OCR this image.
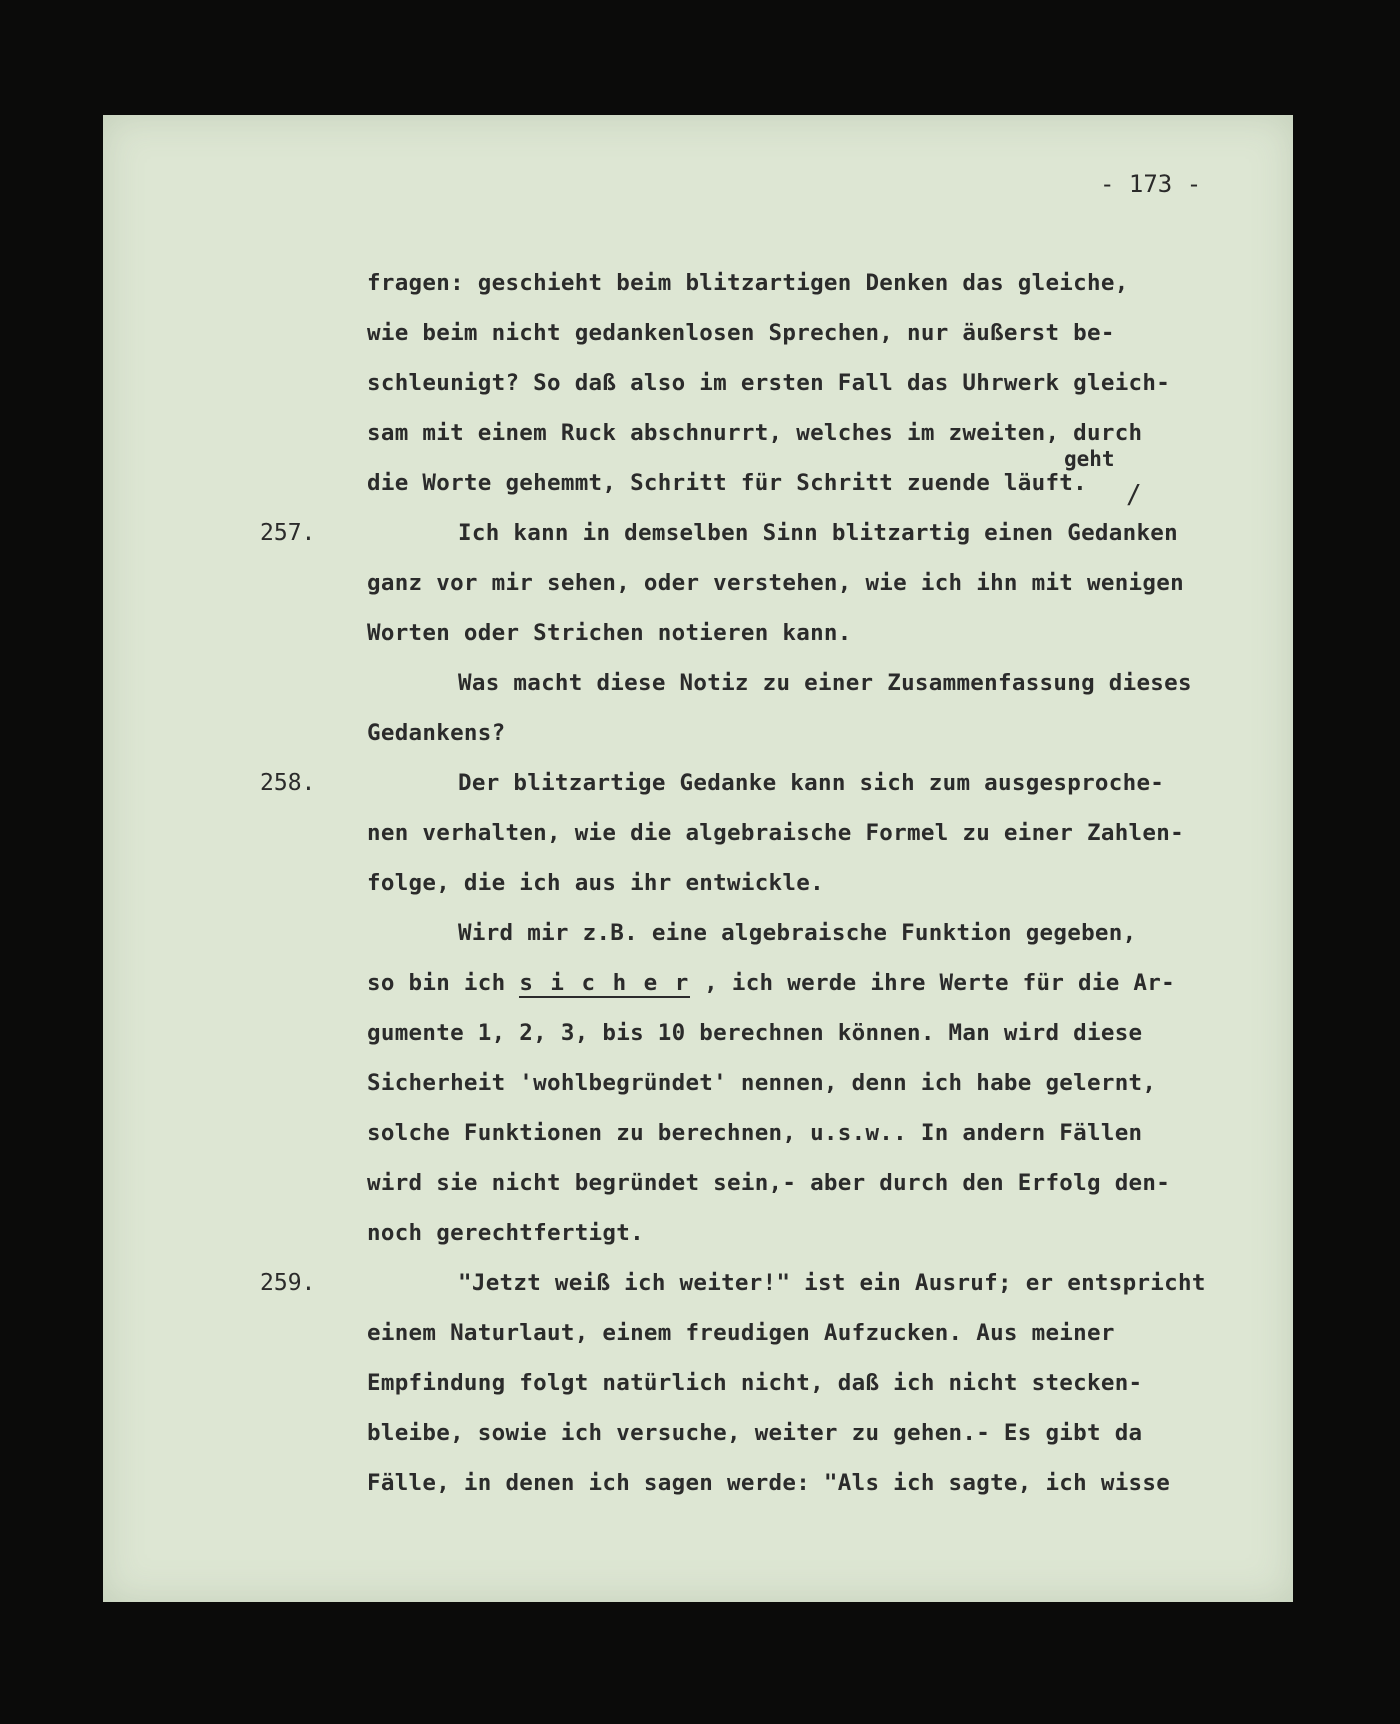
- 173 -
fragen: geschieht beim blitzartigen Denken das gleiche,
wie beim nicht gedankenlosen Sprechen, nur äußerst be-
schleunigt? So daß also im ersten Fall das Uhrwerk gleich-
sam mit einem Ruck abschnurrt, welches im zweiten, durch
geht
die Worte gehemmt, Schritt für Schritt zuende läuft. /
257.	Ich kann in demselben Sinn blitzartig einen Gedanken
ganz vor mir sehen, oder verstehen, wie ich ihn mit wenigen
Worten oder Strichen notieren kann.
Was macht diese Notiz zu einer Zusammenfassung dieses
Gedankens?
258.	Der blitzartige Gedanke kann sich zum ausgesproche-
nen verhalten, wie die algebraische Formel zu einer Zahlen-
folge, die ich aus ihr entwickle.
Wird mir z.B. eine algebraische Funktion gegeben,
so bin ich s i c h e r , ich werde ihre Werte für die Ar-
gumente 1, 2, 3, bis 10 berechnen können. Man wird diese
Sicherheit 'wohlbegründet' nennen, denn ich habe gelernt,
solche Funktionen zu berechnen, u.s.w.. In andern Fällen
wird sie nicht begründet sein,- aber durch den Erfolg den-
noch gerechtfertigt.
259.	"Jetzt weiß ich weiter!" ist ein Ausruf; er entspricht
einem Naturlaut, einem freudigen Aufzucken. Aus meiner
Empfindung folgt natürlich nicht, daß ich nicht stecken-
bleibe, sowie ich versuche, weiter zu gehen.- Es gibt da
Fälle, in denen ich sagen werde: "Als ich sagte, ich wisse
